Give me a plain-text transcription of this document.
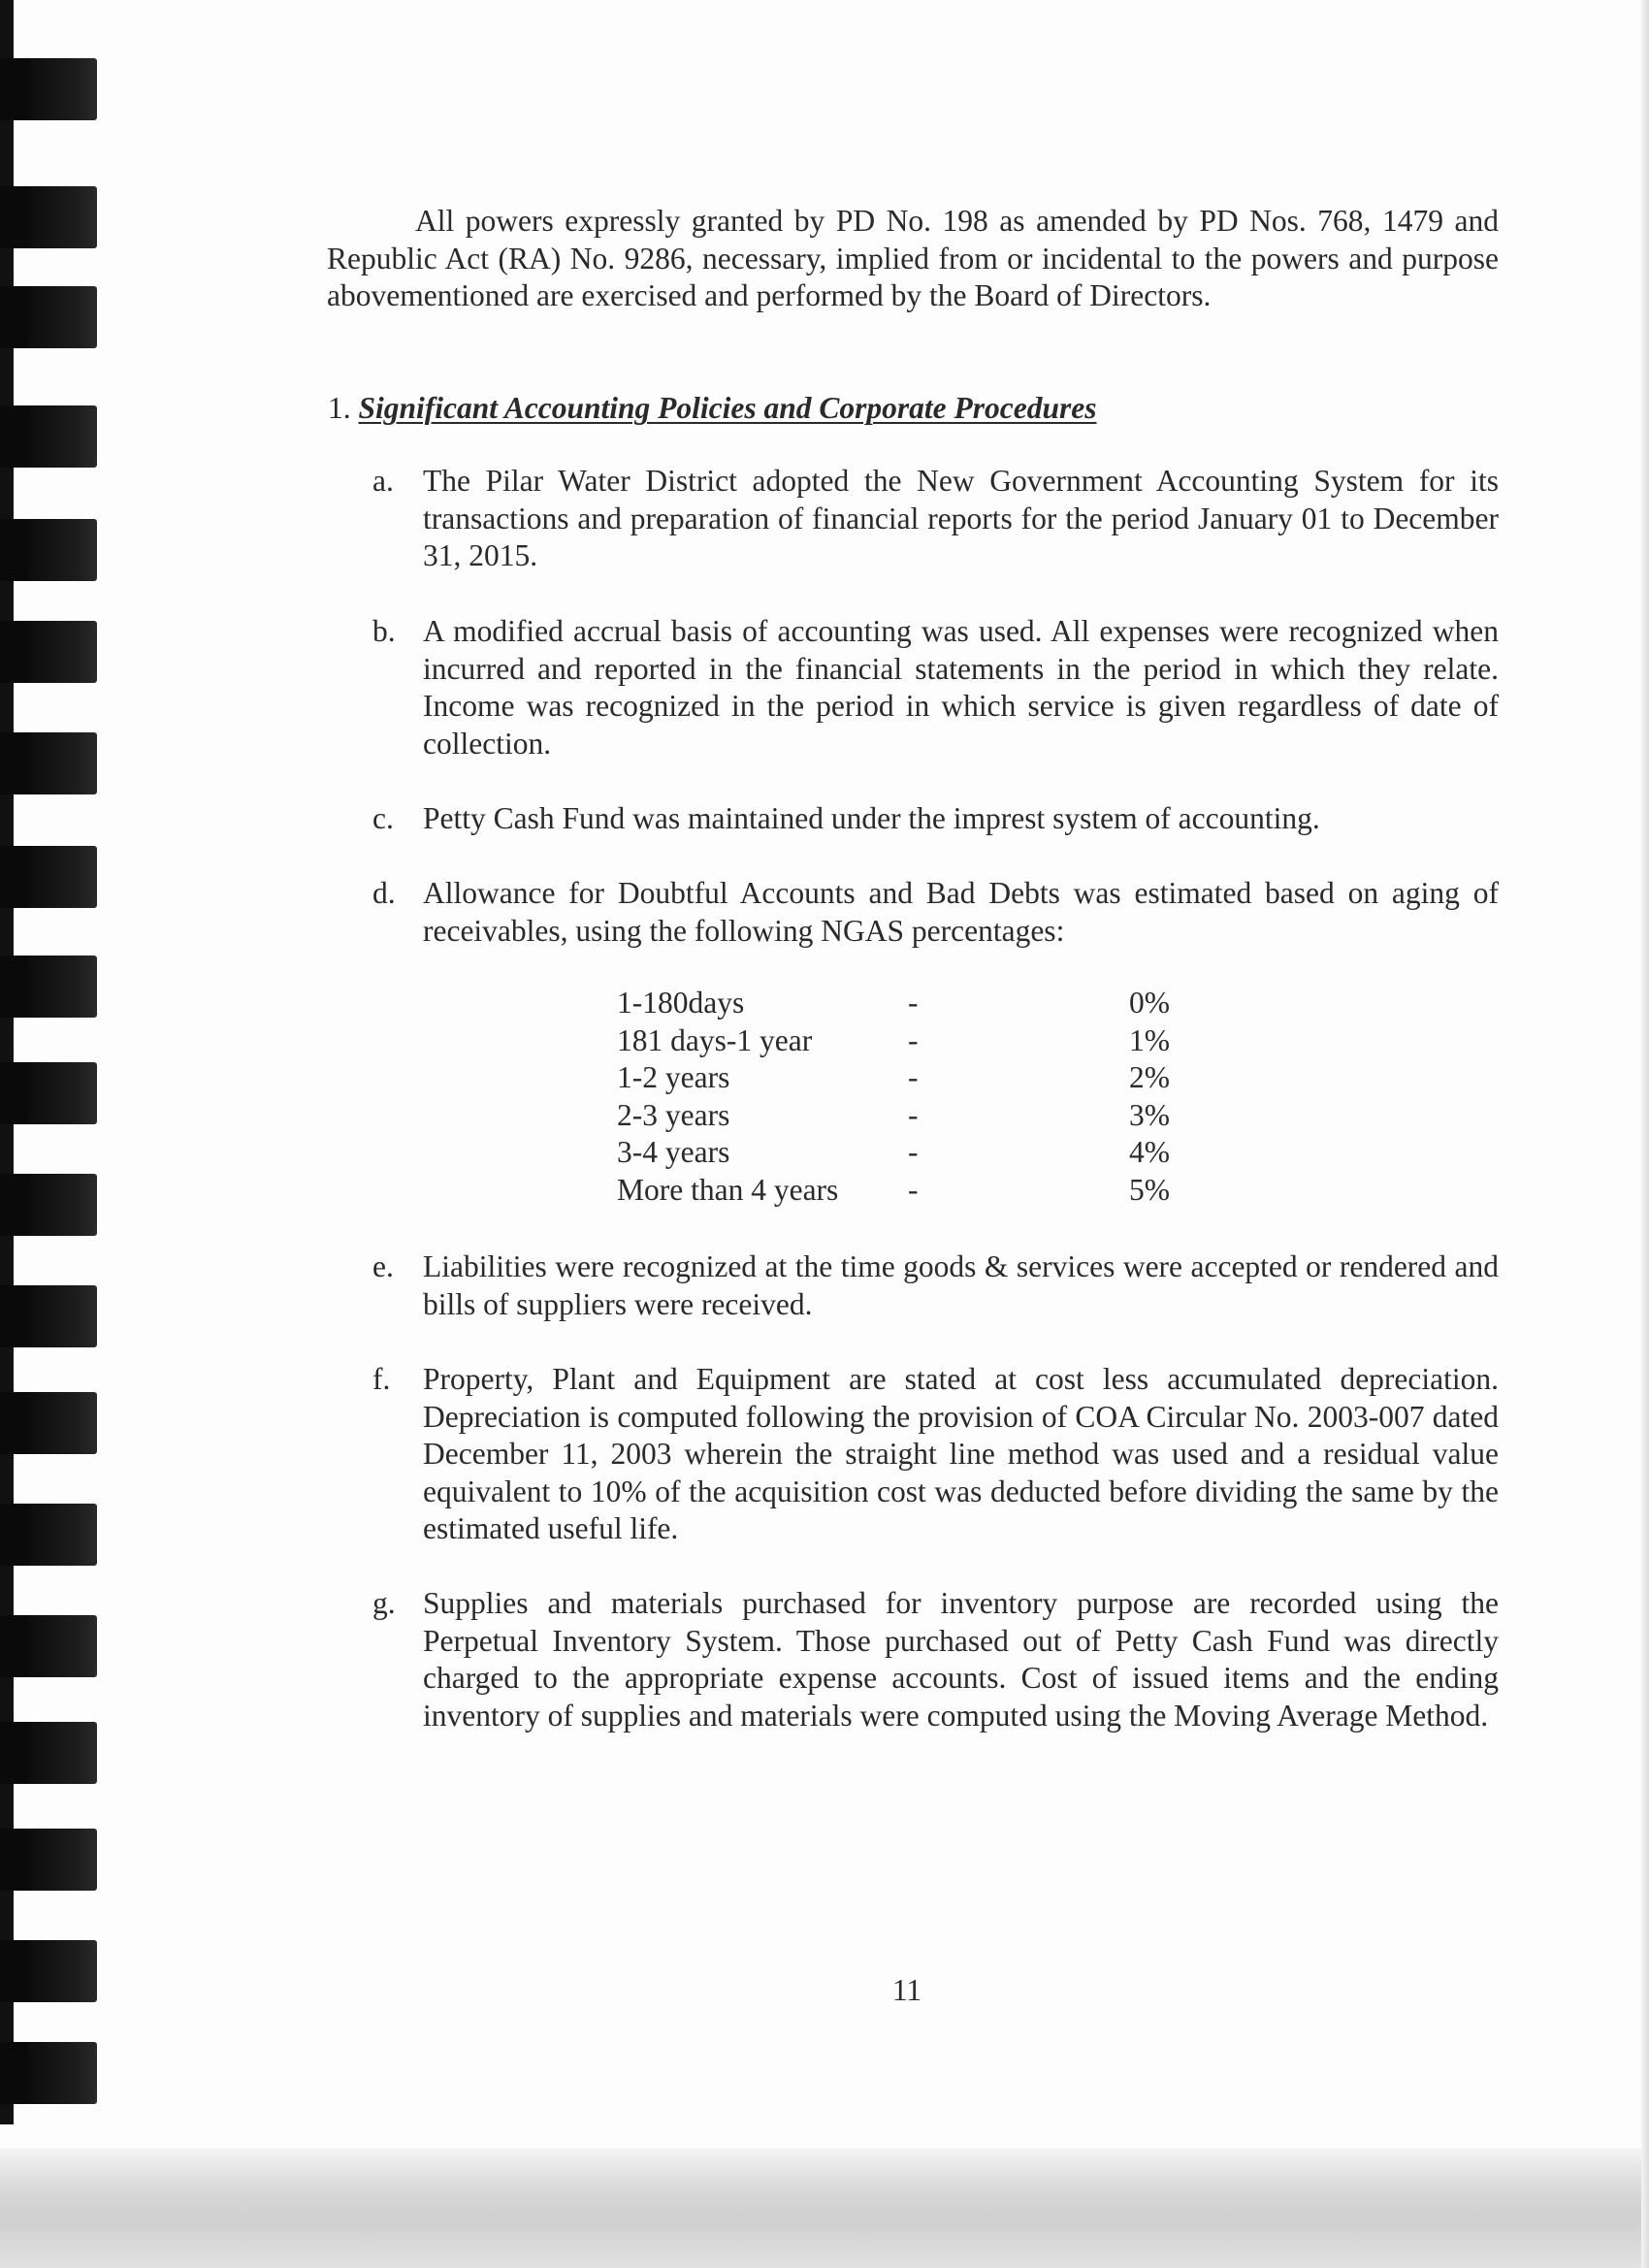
All powers expressly granted by PD No. 198 as amended by PD Nos. 768, 1479 and Republic Act (RA) No. 9286, necessary, implied from or incidental to the powers and purpose abovementioned are exercised and performed by the Board of Directors.

1. Significant Accounting Policies and Corporate Procedures
a. The Pilar Water District adopted the New Government Accounting System for its transactions and preparation of financial reports for the period January 01 to December 31, 2015.
b. A modified accrual basis of accounting was used. All expenses were recognized when incurred and reported in the financial statements in the period in which they relate. Income was recognized in the period in which service is given regardless of date of collection.
c. Petty Cash Fund was maintained under the imprest system of accounting.
d. Allowance for Doubtful Accounts and Bad Debts was estimated based on aging of receivables, using the following NGAS percentages:
1-180days	-	0%
181 days-1 year	-	1%
1-2 years	-	2%
2-3 years	-	3%
3-4 years	-	4%
More than 4 years	-	5%
e. Liabilities were recognized at the time goods & services were accepted or rendered and bills of suppliers were received.
f.	Property, Plant and Equipment are stated at cost less accumulated depreciation. Depreciation is computed following the provision of COA Circular No. 2003-007 dated December 11, 2003 wherein the straight line method was used and a residual value equivalent to 10% of the acquisition cost was deducted before dividing the same by the estimated useful life.
g. Supplies and materials purchased for inventory purpose are recorded using the Perpetual Inventory System. Those purchased out of Petty Cash Fund was directly charged to the appropriate expense accounts. Cost of issued items and the ending inventory of supplies and materials were computed using the Moving Average Method.
11
